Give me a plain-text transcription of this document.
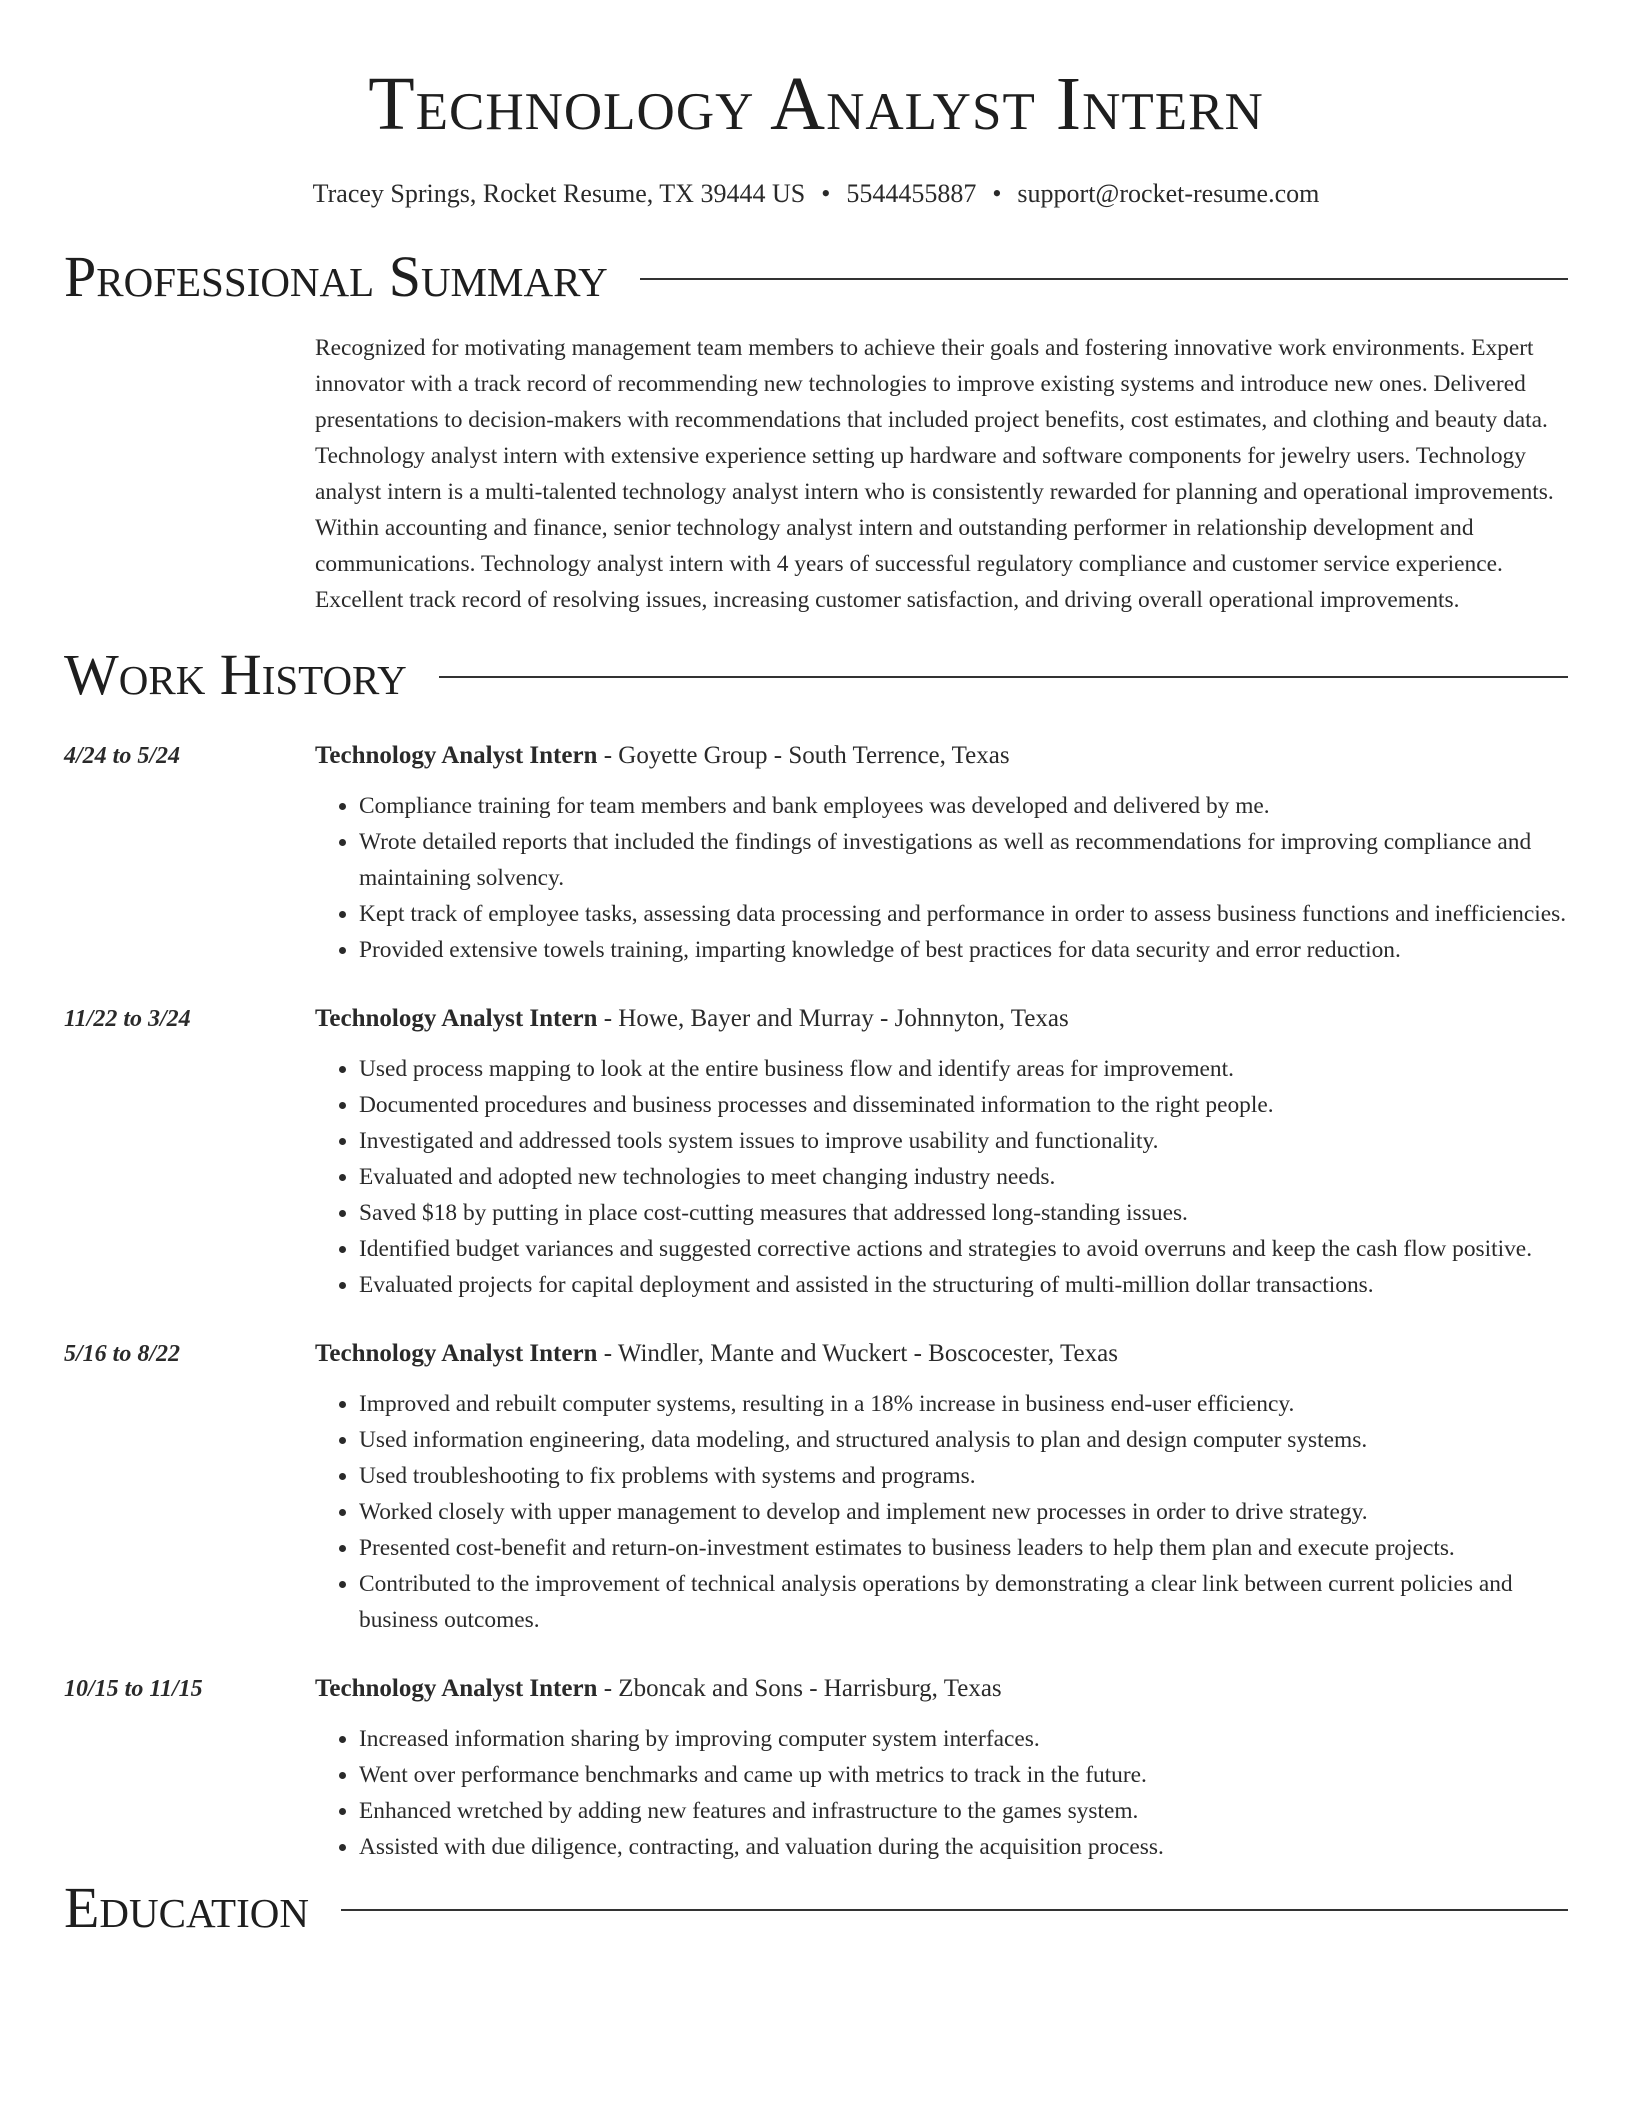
Technology Analyst Intern
Tracey Springs, Rocket Resume, TX 39444 US • 5544455887 • support@rocket-resume.com
Professional Summary
Recognized for motivating management team members to achieve their goals and fostering innovative work environments. Expert innovator with a track record of recommending new technologies to improve existing systems and introduce new ones. Delivered presentations to decision-makers with recommendations that included project benefits, cost estimates, and clothing and beauty data. Technology analyst intern with extensive experience setting up hardware and software components for jewelry users. Technology analyst intern is a multi-talented technology analyst intern who is consistently rewarded for planning and operational improvements. Within accounting and finance, senior technology analyst intern and outstanding performer in relationship development and communications. Technology analyst intern with 4 years of successful regulatory compliance and customer service experience. Excellent track record of resolving issues, increasing customer satisfaction, and driving overall operational improvements.
Work History
4/24 to 5/24	Technology Analyst Intern - Goyette Group - South Terrence, Texas
• Compliance training for team members and bank employees was developed and delivered by me.
• Wrote detailed reports that included the findings of investigations as well as recommendations for improving compliance and maintaining solvency.
• Kept track of employee tasks, assessing data processing and performance in order to assess business functions and inefficiencies.
• Provided extensive towels training, imparting knowledge of best practices for data security and error reduction.
11/22 to 3/24	Technology Analyst Intern - Howe, Bayer and Murray - Johnnyton, Texas
• Used process mapping to look at the entire business flow and identify areas for improvement.
• Documented procedures and business processes and disseminated information to the right people.
• Investigated and addressed tools system issues to improve usability and functionality.
• Evaluated and adopted new technologies to meet changing industry needs.
• Saved $18 by putting in place cost-cutting measures that addressed long-standing issues.
• Identified budget variances and suggested corrective actions and strategies to avoid overruns and keep the cash flow positive.
• Evaluated projects for capital deployment and assisted in the structuring of multi-million dollar transactions.
5/16 to 8/22	Technology Analyst Intern - Windler, Mante and Wuckert - Boscocester, Texas
• Improved and rebuilt computer systems, resulting in a 18% increase in business end-user efficiency.
• Used information engineering, data modeling, and structured analysis to plan and design computer systems.
• Used troubleshooting to fix problems with systems and programs.
• Worked closely with upper management to develop and implement new processes in order to drive strategy.
• Presented cost-benefit and return-on-investment estimates to business leaders to help them plan and execute projects.
• Contributed to the improvement of technical analysis operations by demonstrating a clear link between current policies and business outcomes.
10/15 to 11/15	Technology Analyst Intern - Zboncak and Sons - Harrisburg, Texas
• Increased information sharing by improving computer system interfaces.
• Went over performance benchmarks and came up with metrics to track in the future.
• Enhanced wretched by adding new features and infrastructure to the games system.
• Assisted with due diligence, contracting, and valuation during the acquisition process.
Education
